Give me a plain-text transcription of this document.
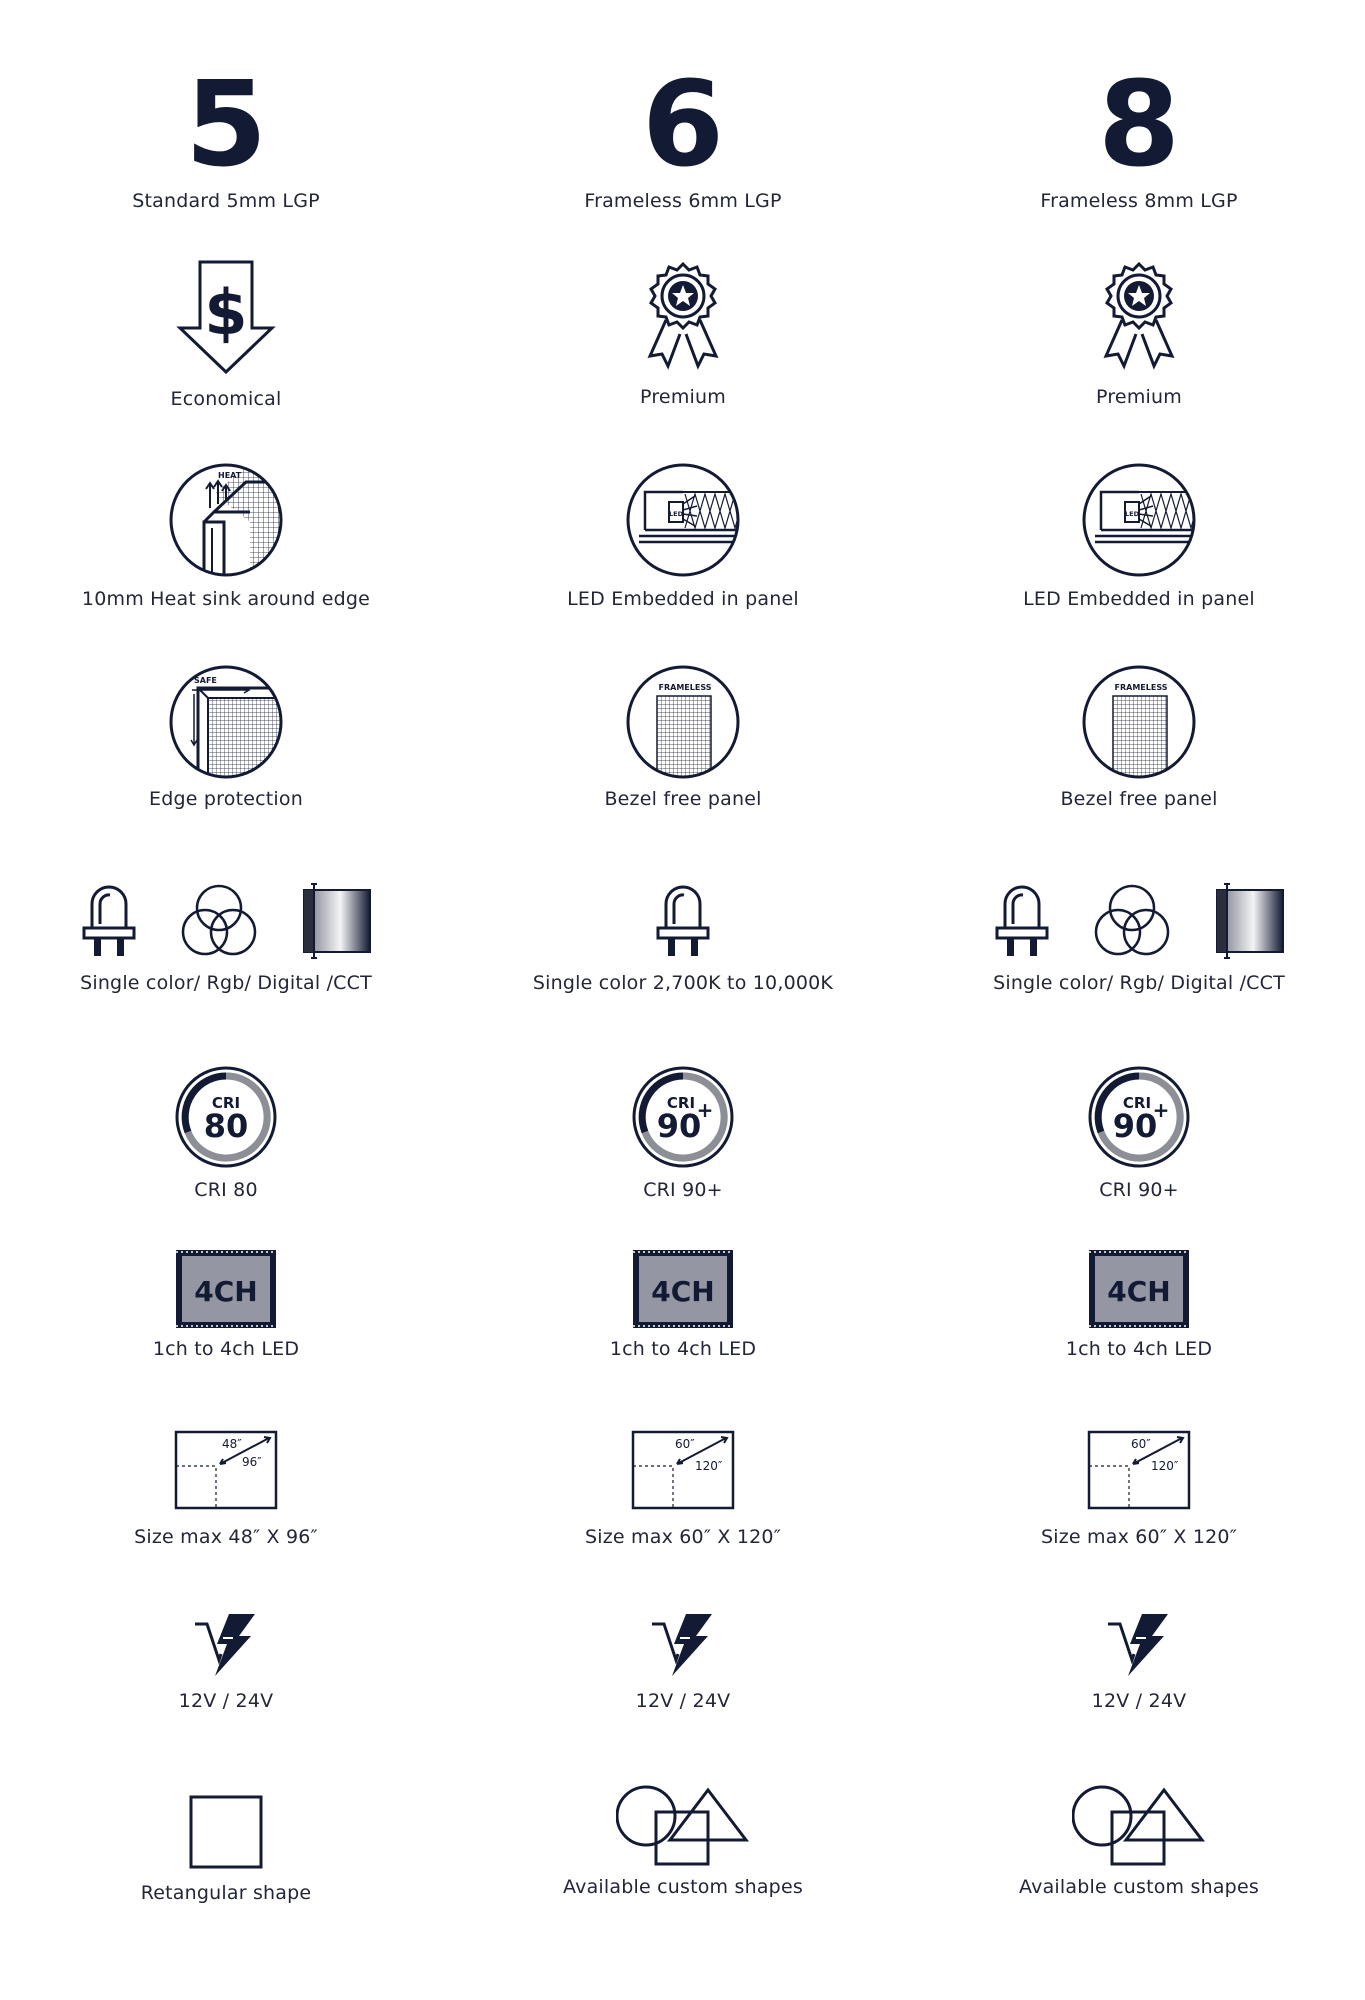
5
Standard 5mm LGP
$
Economical
HEAT
10mm Heat sink around edge
SAFE
Edge protection
Single color/ Rgb/ Digital /CCT
CRI
80
CRI 80
4CH
1ch to 4ch LED
48″
96″
Size max 48″ X 96″
12V / 24V
Retangular shape
6
Frameless 6mm LGP
Premium
LED
LED Embedded in panel
FRAMELESS
Bezel free panel
Single color 2,700K to 10,000K
CRI
90
+
CRI 90+
4CH
1ch to 4ch LED
60″
120″
Size max 60″ X 120″
12V / 24V
Available custom shapes
8
Frameless 8mm LGP
Premium
LED
LED Embedded in panel
FRAMELESS
Bezel free panel
Single color/ Rgb/ Digital /CCT
CRI
90
+
CRI 90+
4CH
1ch to 4ch LED
60″
120″
Size max 60″ X 120″
12V / 24V
Available custom shapes
